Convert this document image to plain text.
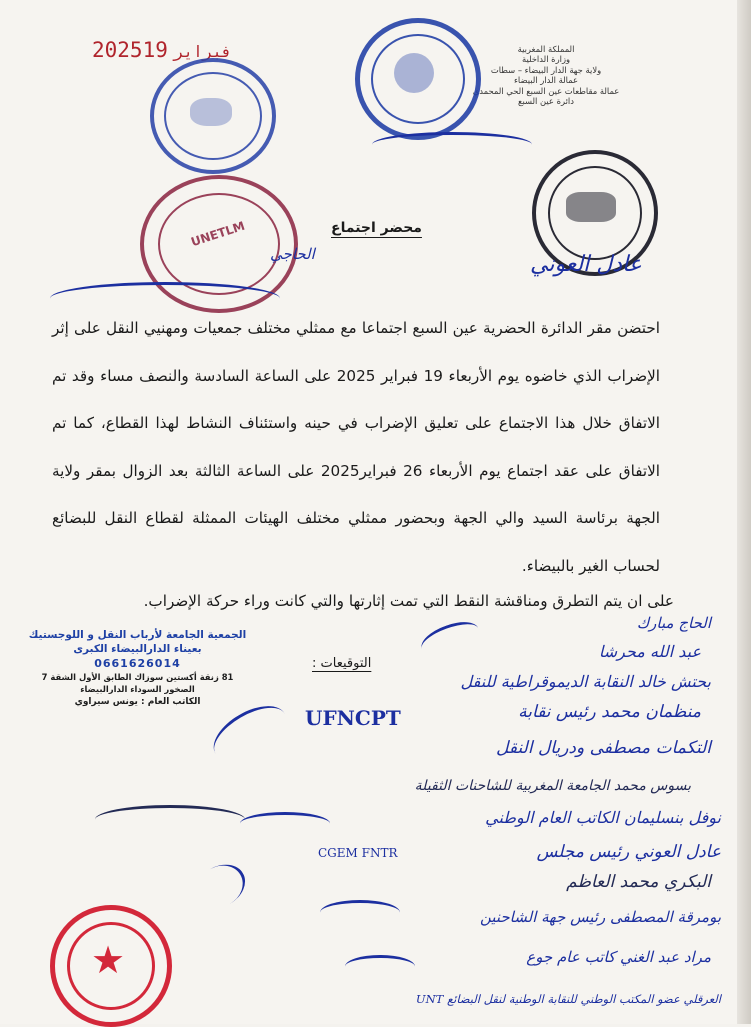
2025 فبراير19	المملكة المغربية
وزارة الداخلية
ولاية جهة الدار البيضاء – سطات
عمالة الدار البيضاء
عمالة مقاطعات عين السبع الحي المحمدي
دائرة عين السبع
UNETLM
★
عادل العوني
الحاجي
محضر اجتماع

احتضن مقر الدائرة الحضرية عين السبع اجتماعا مع ممثلي مختلف جمعيات ومهنيي النقل على إثر الإضراب الذي خاضوه يوم الأربعاء 19 فبراير 2025 على الساعة السادسة والنصف مساء وقد تم الاتفاق خلال هذا الاجتماع على تعليق الإضراب في حينه واستئناف النشاط لهذا القطاع، كما تم الاتفاق على عقد اجتماع يوم الأربعاء 26 فبراير2025 على الساعة الثالثة بعد الزوال بمقر ولاية الجهة برئاسة السيد والي الجهة وبحضور ممثلي مختلف الهيئات الممثلة لقطاع النقل للبضائع لحساب الغير بالبيضاء.

على ان يتم التطرق ومناقشة النقط التي تمت إثارتها والتي كانت وراء حركة الإضراب.
الجمعية الجامعة لأرباب النقل و اللوجستيك
بعيناء الدارالبيضاء الكبرى
0661626014
81 زنقة أكستين سوزاك الطابق الأول الشقة 7
الصخور السوداء الدارالبيضاء
الكاتب العام : يونس سيراوي
التوقيعات :
الحاج مبارك
عبد الله محرشا
بحتش خالد النقابة الديموقراطية للنقل
منظمان محمد رئيس نقابة
UFNCPT
التكمات مصطفى ودريال النقل
بسوس محمد الجامعة المغربية للشاحنات الثقيلة
نوفل بنسليمان الكاتب العام الوطني
CGEM FNTR	عادل العوني رئيس مجلس
البكري محمد العاظم
بومرقة المصطفى رئيس جهة الشاحنين
مراد عبد الغني كاتب عام جوع
العرقلي عضو المكتب الوطني للنقابة الوطنية لنقل البضائع UNT
